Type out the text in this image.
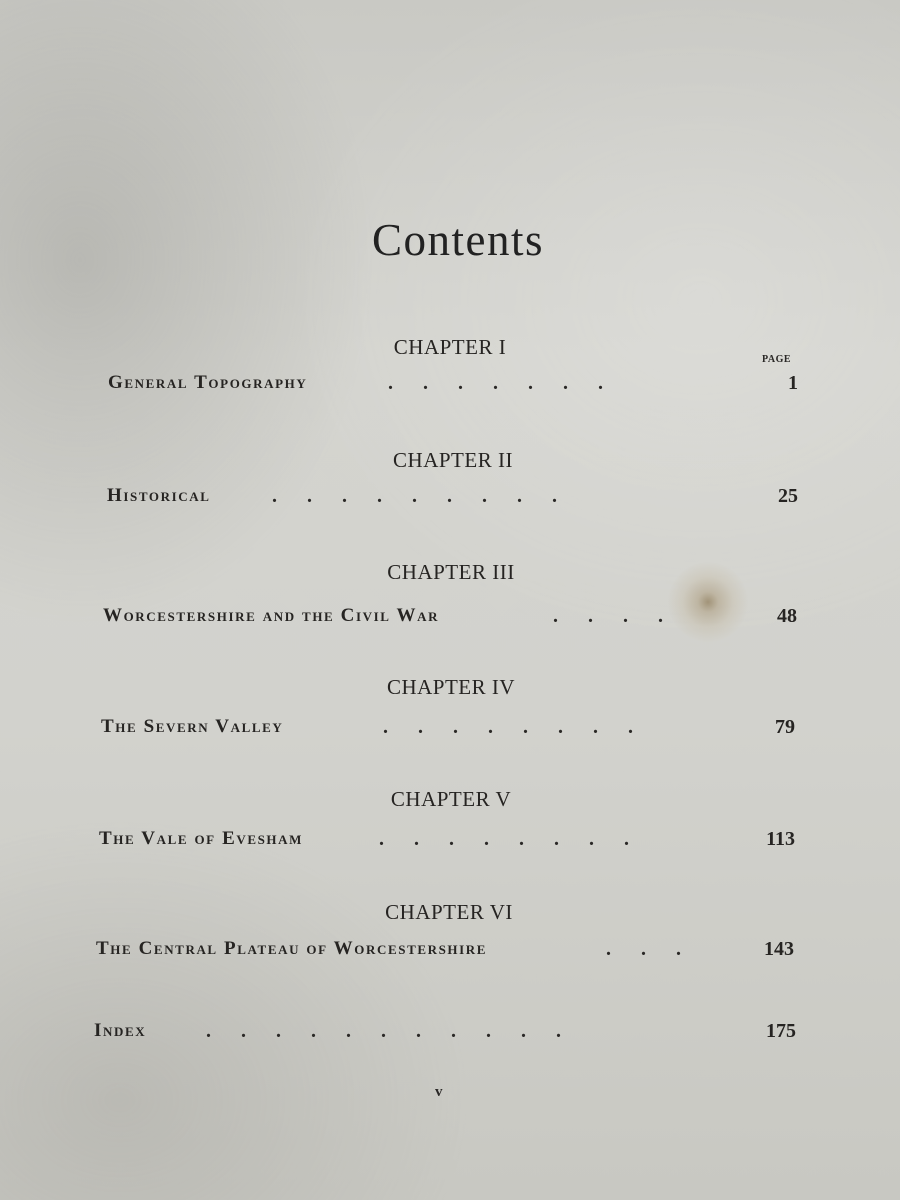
Contents
CHAPTER I
PAGE
General Topography	.  .  .  .  .  .  .	1
CHAPTER II
Historical	.  .  .  .  .  .  .  .  .	25
CHAPTER III
Worcestershire and the Civil War	.  .  .  .	48
CHAPTER IV
The Severn Valley	.  .  .  .  .  .  .  .	79
CHAPTER V
The Vale of Evesham	.  .  .  .  .  .  .  .	113
CHAPTER VI
The Central Plateau of Worcestershire	.  .  .	143
Index	.  .  .  .  .  .  .  .  .  .  .	175
v
